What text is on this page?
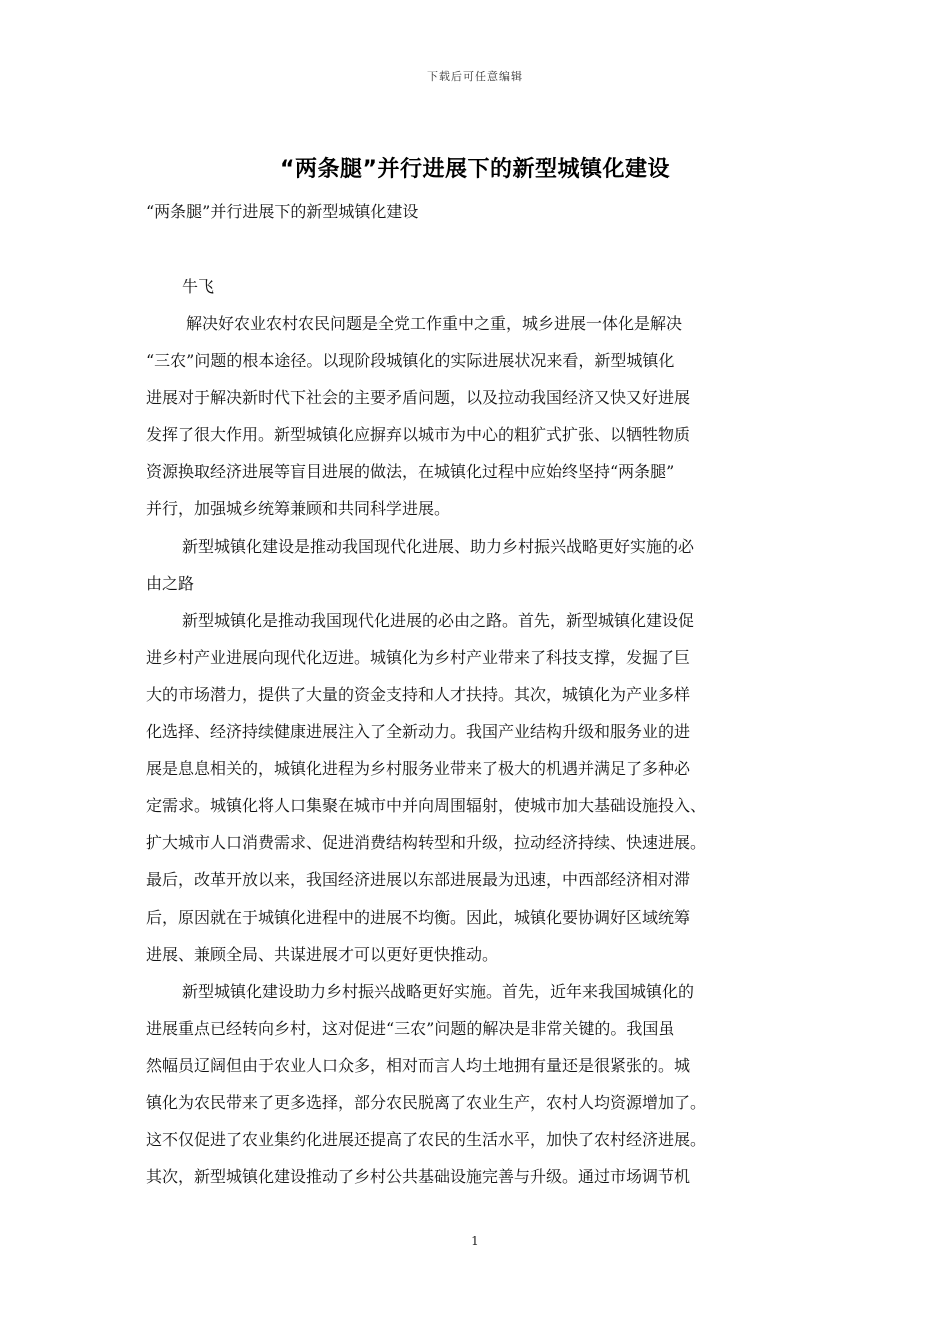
下载后可任意编辑
“两条腿”并行进展下的新型城镇化建设
“两条腿”并行进展下的新型城镇化建设
牛飞
解决好农业农村农民问题是全党工作重中之重，城乡进展一体化是解决
“三农”问题的根本途径。以现阶段城镇化的实际进展状况来看，新型城镇化
进展对于解决新时代下社会的主要矛盾问题，以及拉动我国经济又快又好进展
发挥了很大作用。新型城镇化应摒弃以城市为中心的粗犷式扩张、以牺牲物质
资源换取经济进展等盲目进展的做法，在城镇化过程中应始终坚持“两条腿”
并行，加强城乡统筹兼顾和共同科学进展。
新型城镇化建设是推动我国现代化进展、助力乡村振兴战略更好实施的必
由之路
新型城镇化是推动我国现代化进展的必由之路。首先，新型城镇化建设促
进乡村产业进展向现代化迈进。城镇化为乡村产业带来了科技支撑，发掘了巨
大的市场潜力，提供了大量的资金支持和人才扶持。其次，城镇化为产业多样
化选择、经济持续健康进展注入了全新动力。我国产业结构升级和服务业的进
展是息息相关的，城镇化进程为乡村服务业带来了极大的机遇并满足了多种必
定需求。城镇化将人口集聚在城市中并向周围辐射，使城市加大基础设施投入、
扩大城市人口消费需求、促进消费结构转型和升级，拉动经济持续、快速进展。
最后，改革开放以来，我国经济进展以东部进展最为迅速，中西部经济相对滞
后，原因就在于城镇化进程中的进展不均衡。因此，城镇化要协调好区域统筹
进展、兼顾全局、共谋进展才可以更好更快推动。
新型城镇化建设助力乡村振兴战略更好实施。首先，近年来我国城镇化的
进展重点已经转向乡村，这对促进“三农”问题的解决是非常关键的。我国虽
然幅员辽阔但由于农业人口众多，相对而言人均土地拥有量还是很紧张的。城
镇化为农民带来了更多选择，部分农民脱离了农业生产，农村人均资源增加了。
这不仅促进了农业集约化进展还提高了农民的生活水平，加快了农村经济进展。
其次，新型城镇化建设推动了乡村公共基础设施完善与升级。通过市场调节机
1
